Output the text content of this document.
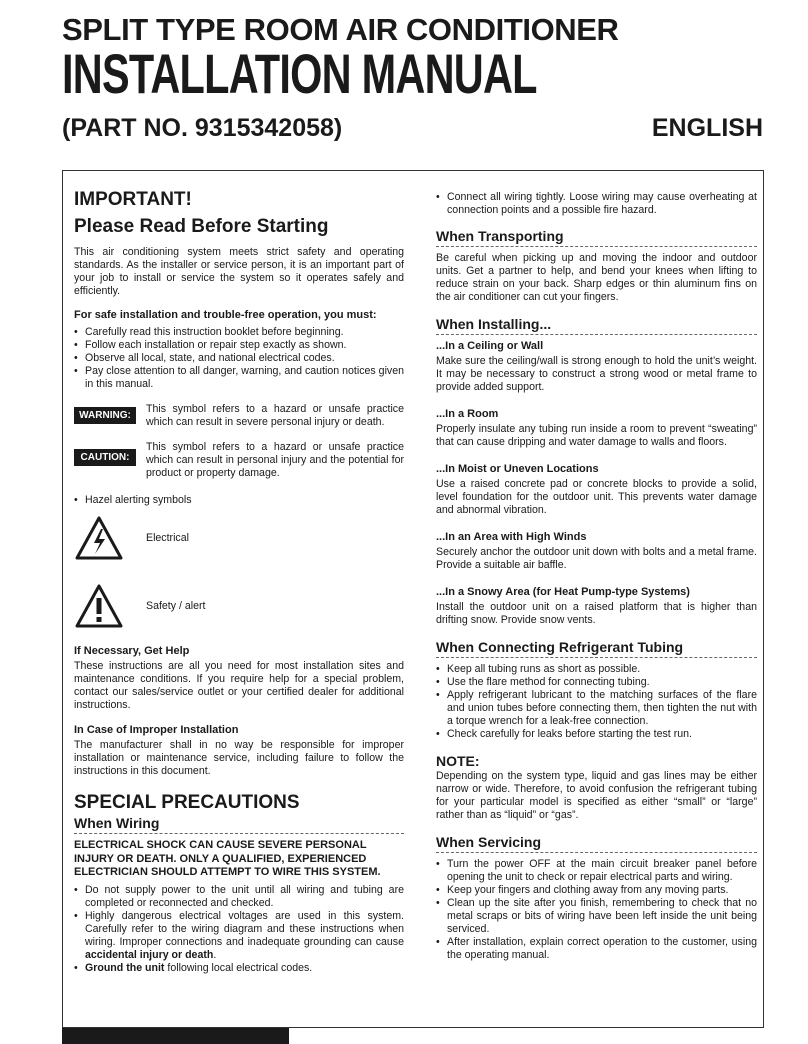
SPLIT TYPE ROOM AIR CONDITIONER
INSTALLATION MANUAL
(PART NO. 9315342058)	ENGLISH
IMPORTANT!
Please Read Before Starting

This air conditioning system meets strict safety and operating standards. As the installer or service person, it is an important part of your job to install or service the system so it operates safely and efficiently.

For safe installation and trouble-free operation, you must:
• Carefully read this instruction booklet before beginning.
• Follow each installation or repair step exactly as shown.
• Observe all local, state, and national electrical codes.
• Pay close attention to all danger, warning, and caution notices given in this manual.
WARNING:

This symbol refers to a hazard or unsafe practice which can result in severe personal injury or death.

CAUTION:

This symbol refers to a hazard or unsafe practice which can result in personal injury and the potential for product or property damage.

• Hazel alerting symbols
Electrical
Safety / alert
If Necessary, Get Help

These instructions are all you need for most installation sites and maintenance conditions. If you require help for a special problem, contact our sales/service outlet or your certified dealer for additional instructions.

In Case of Improper Installation

The manufacturer shall in no way be responsible for improper installation or maintenance service, including failure to follow the instructions in this document.

SPECIAL PRECAUTIONS
When Wiring
ELECTRICAL SHOCK CAN CAUSE SEVERE PERSONAL INJURY OR DEATH. ONLY A QUALIFIED, EXPERIENCED ELECTRICIAN SHOULD ATTEMPT TO WIRE THIS SYSTEM.
• Do not supply power to the unit until all wiring and tubing are completed or reconnected and checked.
• Highly dangerous electrical voltages are used in this system. Carefully refer to the wiring diagram and these instructions when wiring. Improper connections and inadequate grounding can cause accidental injury or death.
• Ground the unit following local electrical codes.
• Connect all wiring tightly. Loose wiring may cause overheating at connection points and a possible fire hazard.
When Transporting

Be careful when picking up and moving the indoor and outdoor units. Get a partner to help, and bend your knees when lifting to reduce strain on your back. Sharp edges or thin aluminum fins on the air conditioner can cut your fingers.

When Installing...
...In a Ceiling or Wall

Make sure the ceiling/wall is strong enough to hold the unit’s weight. It may be necessary to construct a strong wood or metal frame to provide added support.

...In a Room

Properly insulate any tubing run inside a room to prevent “sweating” that can cause dripping and water damage to walls and floors.

...In Moist or Uneven Locations

Use a raised concrete pad or concrete blocks to provide a solid, level foundation for the outdoor unit. This prevents water damage and abnormal vibration.

...In an Area with High Winds

Securely anchor the outdoor unit down with bolts and a metal frame. Provide a suitable air baffle.

...In a Snowy Area (for Heat Pump-type Systems)

Install the outdoor unit on a raised platform that is higher than drifting snow. Provide snow vents.

When Connecting Refrigerant Tubing
• Keep all tubing runs as short as possible.
• Use the flare method for connecting tubing.
• Apply refrigerant lubricant to the matching surfaces of the flare and union tubes before connecting them, then tighten the nut with a torque wrench for a leak-free connection.
• Check carefully for leaks before starting the test run.
NOTE:

Depending on the system type, liquid and gas lines may be either narrow or wide. Therefore, to avoid confusion the refrigerant tubing for your particular model is specified as either “small” or “large” rather than as “liquid” or “gas”.

When Servicing
• Turn the power OFF at the main circuit breaker panel before opening the unit to check or repair electrical parts and wiring.
• Keep your fingers and clothing away from any moving parts.
• Clean up the site after you finish, remembering to check that no metal scraps or bits of wiring have been left inside the unit being serviced.
• After installation, explain correct operation to the customer, using the operating manual.
